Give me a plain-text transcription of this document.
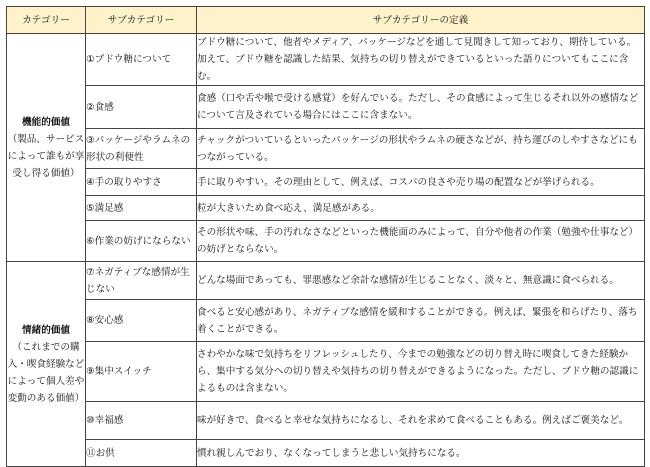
カテゴリー	サブカテゴリー	サブカテゴリーの定義

機能的価値
（製品、サービスによって誰もが享受し得る価値）	①ブドウ糖について	ブドウ糖について、他者やメディア、パッケージなどを通して見聞きして知っており、期待している。加えて、ブドウ糖を認識した結果、気持ちの切り替えができているといった語りについてもここに含む。
	②食感	食感（口や舌や喉で受ける感覚）を好んでいる。ただし、その食感によって生じるそれ以外の感情などについて言及されている場合にはここに含まない。
	③パッケージやラムネの形状の利便性	チャックがついているといったパッケージの形状やラムネの硬さなどが、持ち運びのしやすさなどにもつながっている。
	④手の取りやすさ	手に取りやすい。その理由として、例えば、コスパの良さや売り場の配置などが挙げられる。
	⑤満足感	粒が大きいため食べ応え、満足感がある。
	⑥作業の妨げにならない	その形状や味、手の汚れなさなどといった機能面のみによって、自分や他者の作業（勉強や仕事など）の妨げとならない。

情緒的価値
（これまでの購入・喫食経験などによって個人差や変動のある価値）	⑦ネガティブな感情が生じない	どんな場面であっても、罪悪感など余計な感情が生じることなく、淡々と、無意識に食べられる。
	⑧安心感	食べると安心感があり、ネガティブな感情を緩和することができる。例えば、緊張を和らげたり、落ち着くことができる。
	⑨集中スイッチ	さわやかな味で気持ちをリフレッシュしたり、今までの勉強などの切り替え時に喫食してきた経験から、集中する気分への切り替えや気持ちの切り替えができるようになった。ただし、ブドウ糖の認識によるものは含まない。
	⑩幸福感	味が好きで、食べると幸せな気持ちになるし、それを求めて食べることもある。例えばご褒美など。
	⑪お供	慣れ親しんでおり、なくなってしまうと悲しい気持ちになる。
